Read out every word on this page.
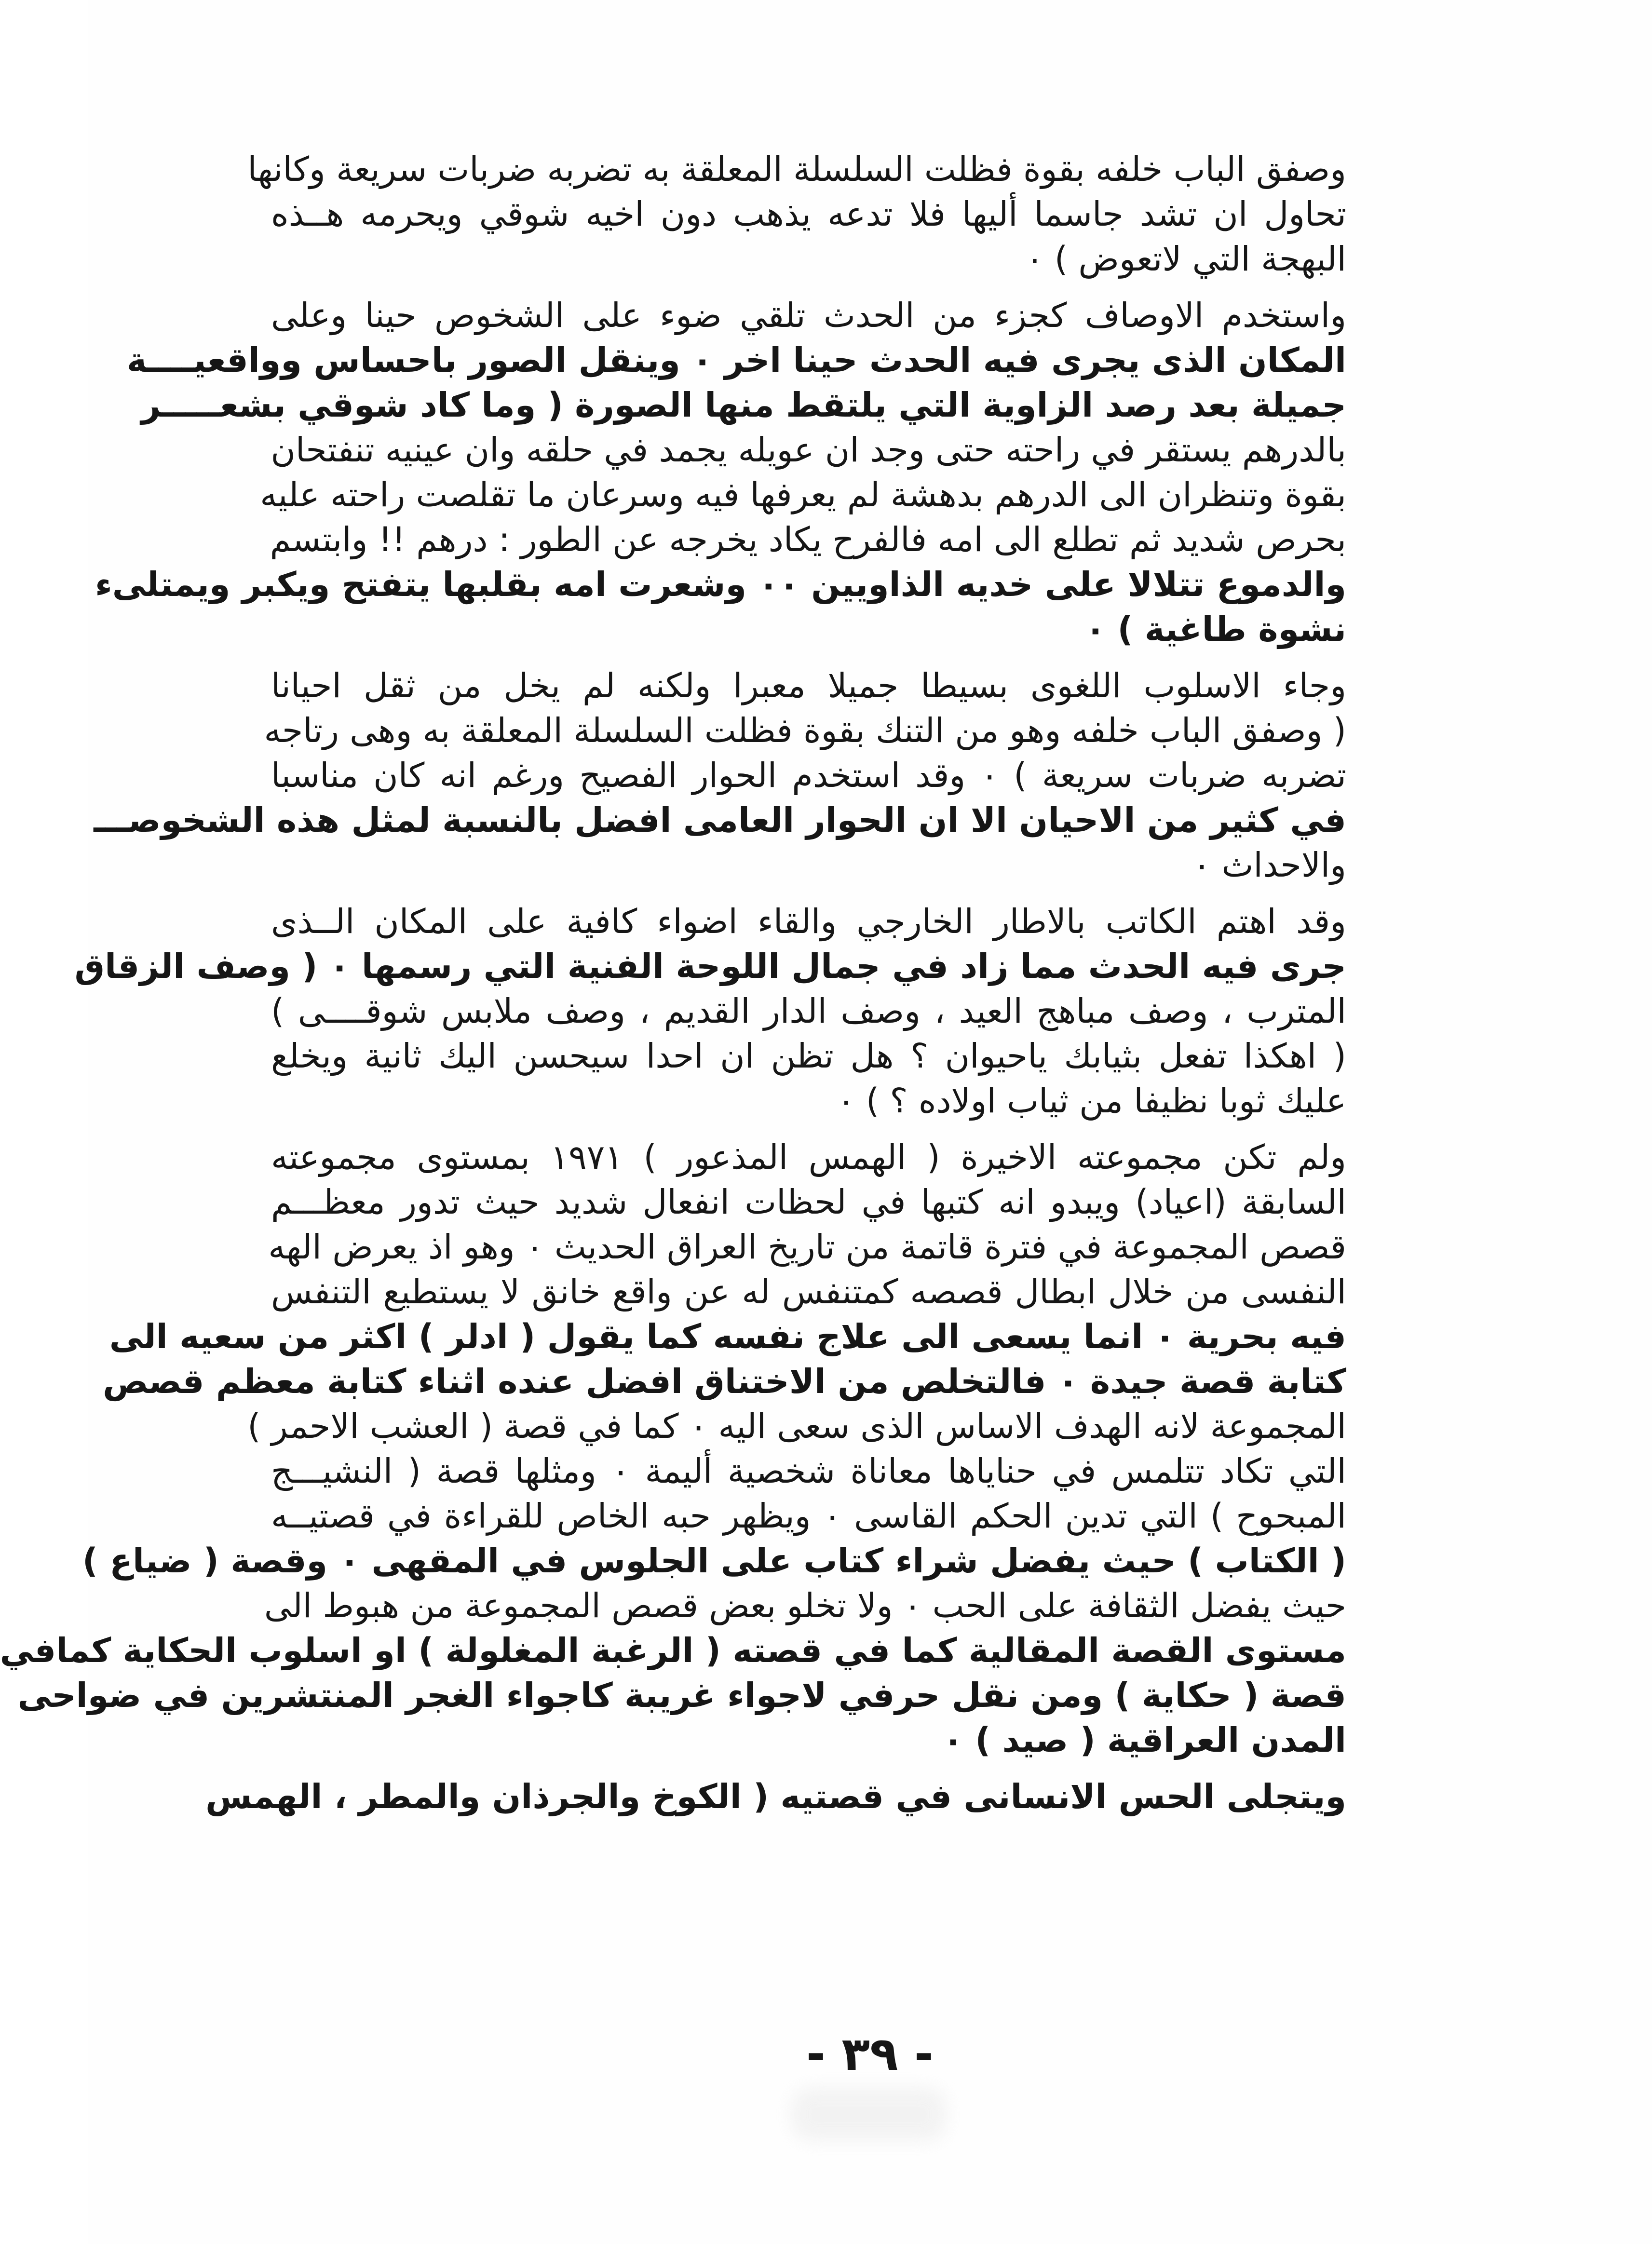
وصفق الباب خلفه بقوة فظلت السلسلة المعلقة به تضربه ضربات سريعة وكانها
تحاول ان تشد جاسما أليها فلا تدعه يذهب دون اخيه شوقي ويحرمه هــذه
البهجة التي لاتعوض ) ٠
واستخدم الاوصاف كجزء من الحدث تلقي ضوء على الشخوص حينا وعلى
المكان الذى يجرى فيه الحدث حينا اخر ٠ وينقل الصور باحساس وواقعيــــة
جميلة بعد رصد الزاوية التي يلتقط منها الصورة ( وما كاد شوقي بشعـــــر
بالدرهم يستقر في راحته حتى وجد ان عويله يجمد في حلقه وان عينيه تنفتحان
بقوة وتنظران الى الدرهم بدهشة لم يعرفها فيه وسرعان ما تقلصت راحته عليه
بحرص شديد ثم تطلع الى امه فالفرح يكاد يخرجه عن الطور : درهم !! وابتسم
والدموع تتلالا على خديه الذاويين ٠٠ وشعرت امه بقلبها يتفتح ويكبر ويمتلىء
نشوة طاغية ) ٠
وجاء الاسلوب اللغوى بسيطا جميلا معبرا ولكنه لم يخل من ثقل احيانا
( وصفق الباب خلفه وهو من التنك بقوة فظلت السلسلة المعلقة به وهى رتاجه
تضربه ضربات سريعة ) ٠ وقد استخدم الحوار الفصيح ورغم انه كان مناسبا
في كثير من الاحيان الا ان الحوار العامى افضل بالنسبة لمثل هذه الشخوصـــ
والاحداث ٠
وقد اهتم الكاتب بالاطار الخارجي والقاء اضواء كافية على المكان الــذى
جرى فيه الحدث مما زاد في جمال اللوحة الفنية التي رسمها ٠ ( وصف الزقاق
المترب ، وصف مباهج العيد ، وصف الدار القديم ، وصف ملابس شوقــــى )
( اهكذا تفعل بثيابك ياحيوان ؟ هل تظن ان احدا سيحسن اليك ثانية ويخلع
عليك ثوبا نظيفا من ثياب اولاده ؟ ) ٠
ولم تكن مجموعته الاخيرة ( الهمس المذعور ) ١٩٧١ بمستوى مجموعته
السابقة (اعياد) ويبدو انه كتبها في لحظات انفعال شديد حيث تدور معظـــم
قصص المجموعة في فترة قاتمة من تاريخ العراق الحديث ٠ وهو اذ يعرض الهه
النفسى من خلال ابطال قصصه كمتنفس له عن واقع خانق لا يستطيع التنفس
فيه بحرية ٠ انما يسعى الى علاج نفسه كما يقول ( ادلر ) اكثر من سعيه الى
كتابة قصة جيدة ٠ فالتخلص من الاختناق افضل عنده اثناء كتابة معظم قصص
المجموعة لانه الهدف الاساس الذى سعى اليه ٠ كما في قصة ( العشب الاحمر )
التي تكاد تتلمس في حناياها معاناة شخصية أليمة ٠ ومثلها قصة ( النشيـــج
المبحوح ) التي تدين الحكم القاسى ٠ ويظهر حبه الخاص للقراءة في قصتيــه
( الكتاب ) حيث يفضل شراء كتاب على الجلوس في المقهى ٠ وقصة ( ضياع )
حيث يفضل الثقافة على الحب ٠ ولا تخلو بعض قصص المجموعة من هبوط الى
مستوى القصة المقالية كما في قصته ( الرغبة المغلولة ) او اسلوب الحكاية كمافي
قصة ( حكاية ) ومن نقل حرفي لاجواء غريبة كاجواء الغجر المنتشرين في ضواحى
المدن العراقية ( صيد ) ٠
ويتجلى الحس الانسانى في قصتيه ( الكوخ والجرذان والمطر ، الهمس
- ٣٩ -
